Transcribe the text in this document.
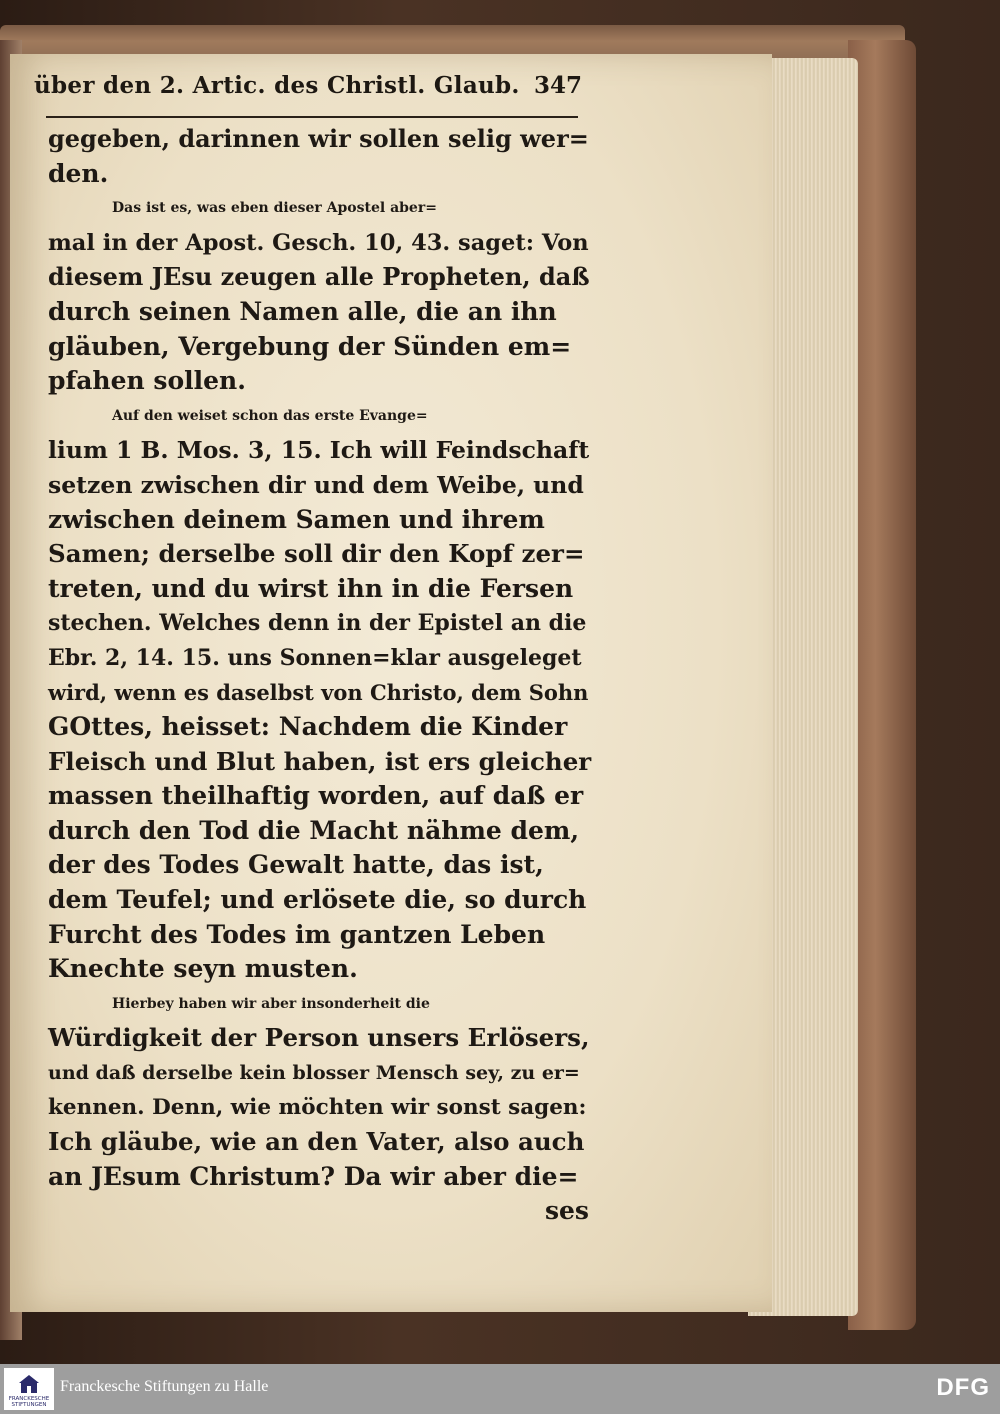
über den 2. Artic. des Christl. Glaub. 347
gegeben, darinnen wir sollen selig wer=
den.
Das ist es, was eben dieser Apostel aber=
mal in der Apost. Gesch. 10, 43. saget: Von
diesem JEsu zeugen alle Propheten, daß
durch seinen Namen alle, die an ihn
gläuben, Vergebung der Sünden em=
pfahen sollen.
Auf den weiset schon das erste Evange=
lium 1 B. Mos. 3, 15. Ich will Feindschaft
setzen zwischen dir und dem Weibe, und
zwischen deinem Samen und ihrem
Samen; derselbe soll dir den Kopf zer=
treten, und du wirst ihn in die Fersen
stechen. Welches denn in der Epistel an die
Ebr. 2, 14. 15. uns Sonnen=klar ausgeleget
wird, wenn es daselbst von Christo, dem Sohn
GOttes, heisset: Nachdem die Kinder
Fleisch und Blut haben, ist ers gleicher
massen theilhaftig worden, auf daß er
durch den Tod die Macht nähme dem,
der des Todes Gewalt hatte, das ist,
dem Teufel; und erlösete die, so durch
Furcht des Todes im gantzen Leben
Knechte seyn musten.
Hierbey haben wir aber insonderheit die
Würdigkeit der Person unsers Erlösers,
und daß derselbe kein blosser Mensch sey, zu er=
kennen. Denn, wie möchten wir sonst sagen:
Ich gläube, wie an den Vater, also auch
an JEsum Christum? Da wir aber die=
ses
FRANCKESCHE STIFTUNGEN
Franckesche Stiftungen zu Halle	DFG
